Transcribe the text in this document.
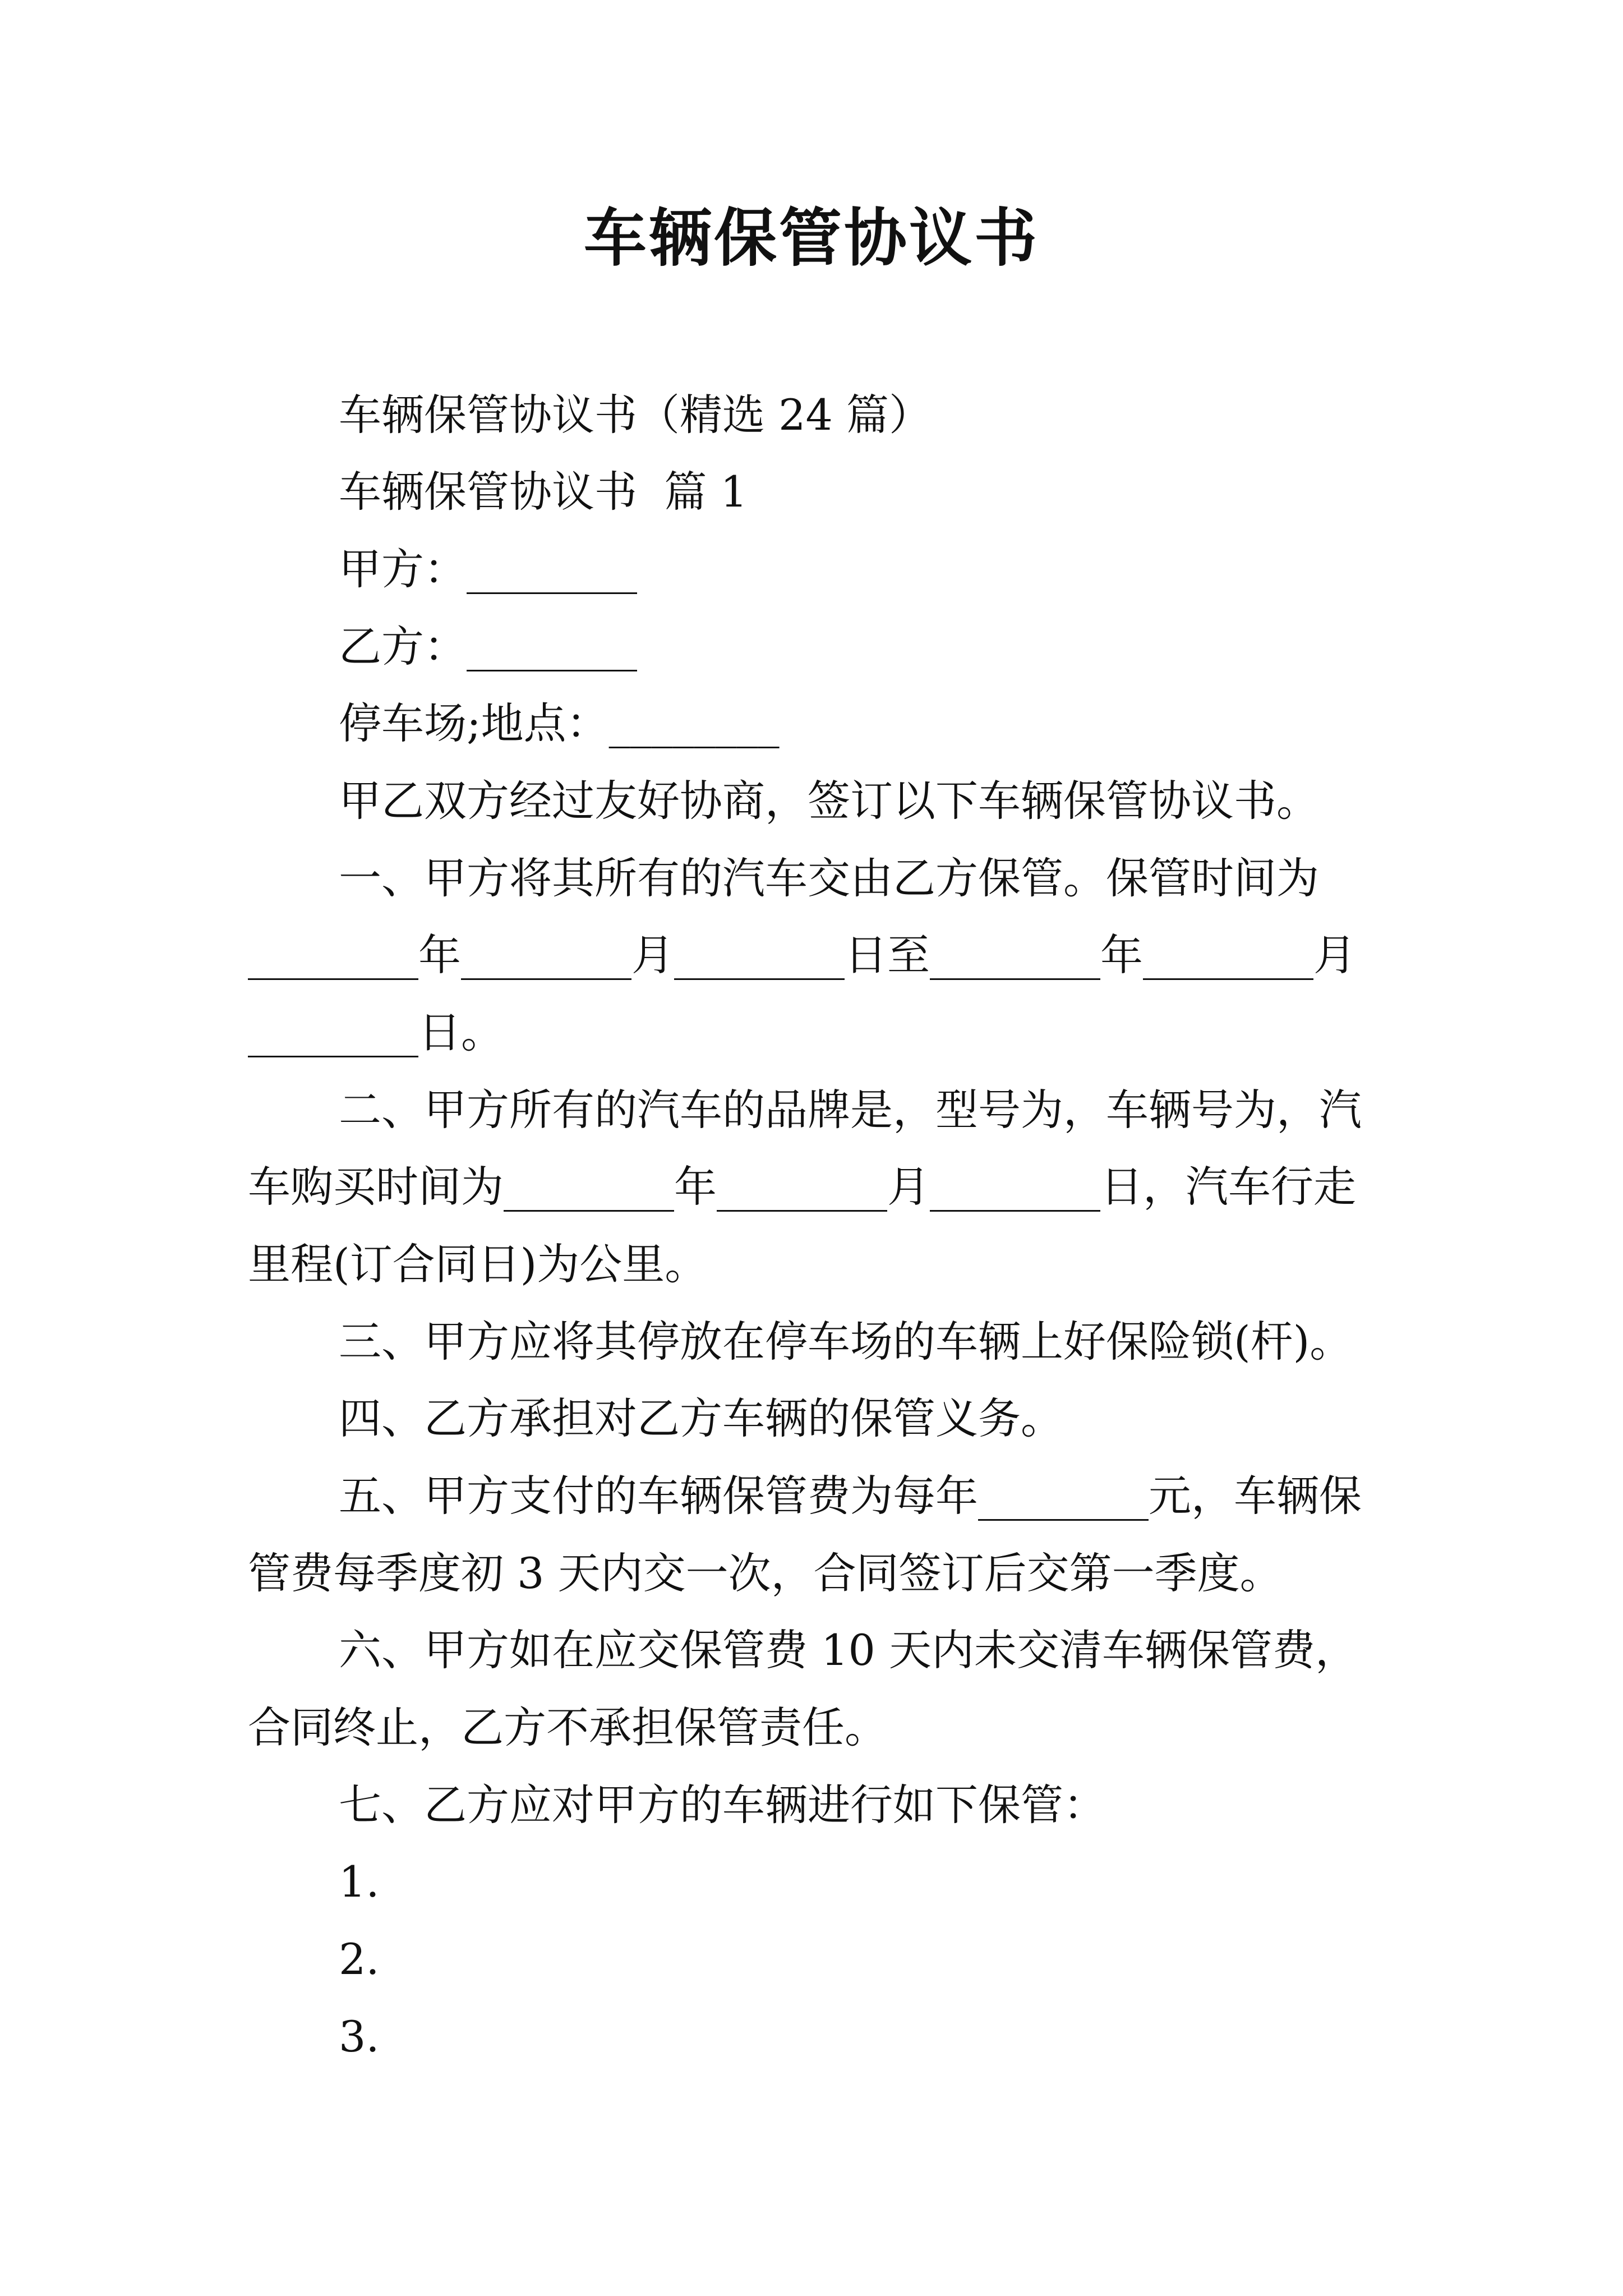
车辆保管协议书
车辆保管协议书（精选 24 篇）
车辆保管协议书  篇 1
甲方：________
乙方：________
停车场;地点：________
甲乙双方经过友好协商，签订以下车辆保管协议书。
一、甲方将其所有的汽车交由乙方保管。保管时间为
________年________月________日至________年________月
________日。
二、甲方所有的汽车的品牌是，型号为，车辆号为，汽
车购买时间为________年________月________日，汽车行走
里程(订合同日)为公里。
三、甲方应将其停放在停车场的车辆上好保险锁(杆)。
四、乙方承担对乙方车辆的保管义务。
五、甲方支付的车辆保管费为每年________元，车辆保
管费每季度初 3 天内交一次，合同签订后交第一季度。
六、甲方如在应交保管费 10 天内未交清车辆保管费，
合同终止，乙方不承担保管责任。
七、乙方应对甲方的车辆进行如下保管：
1.
2.
3.
